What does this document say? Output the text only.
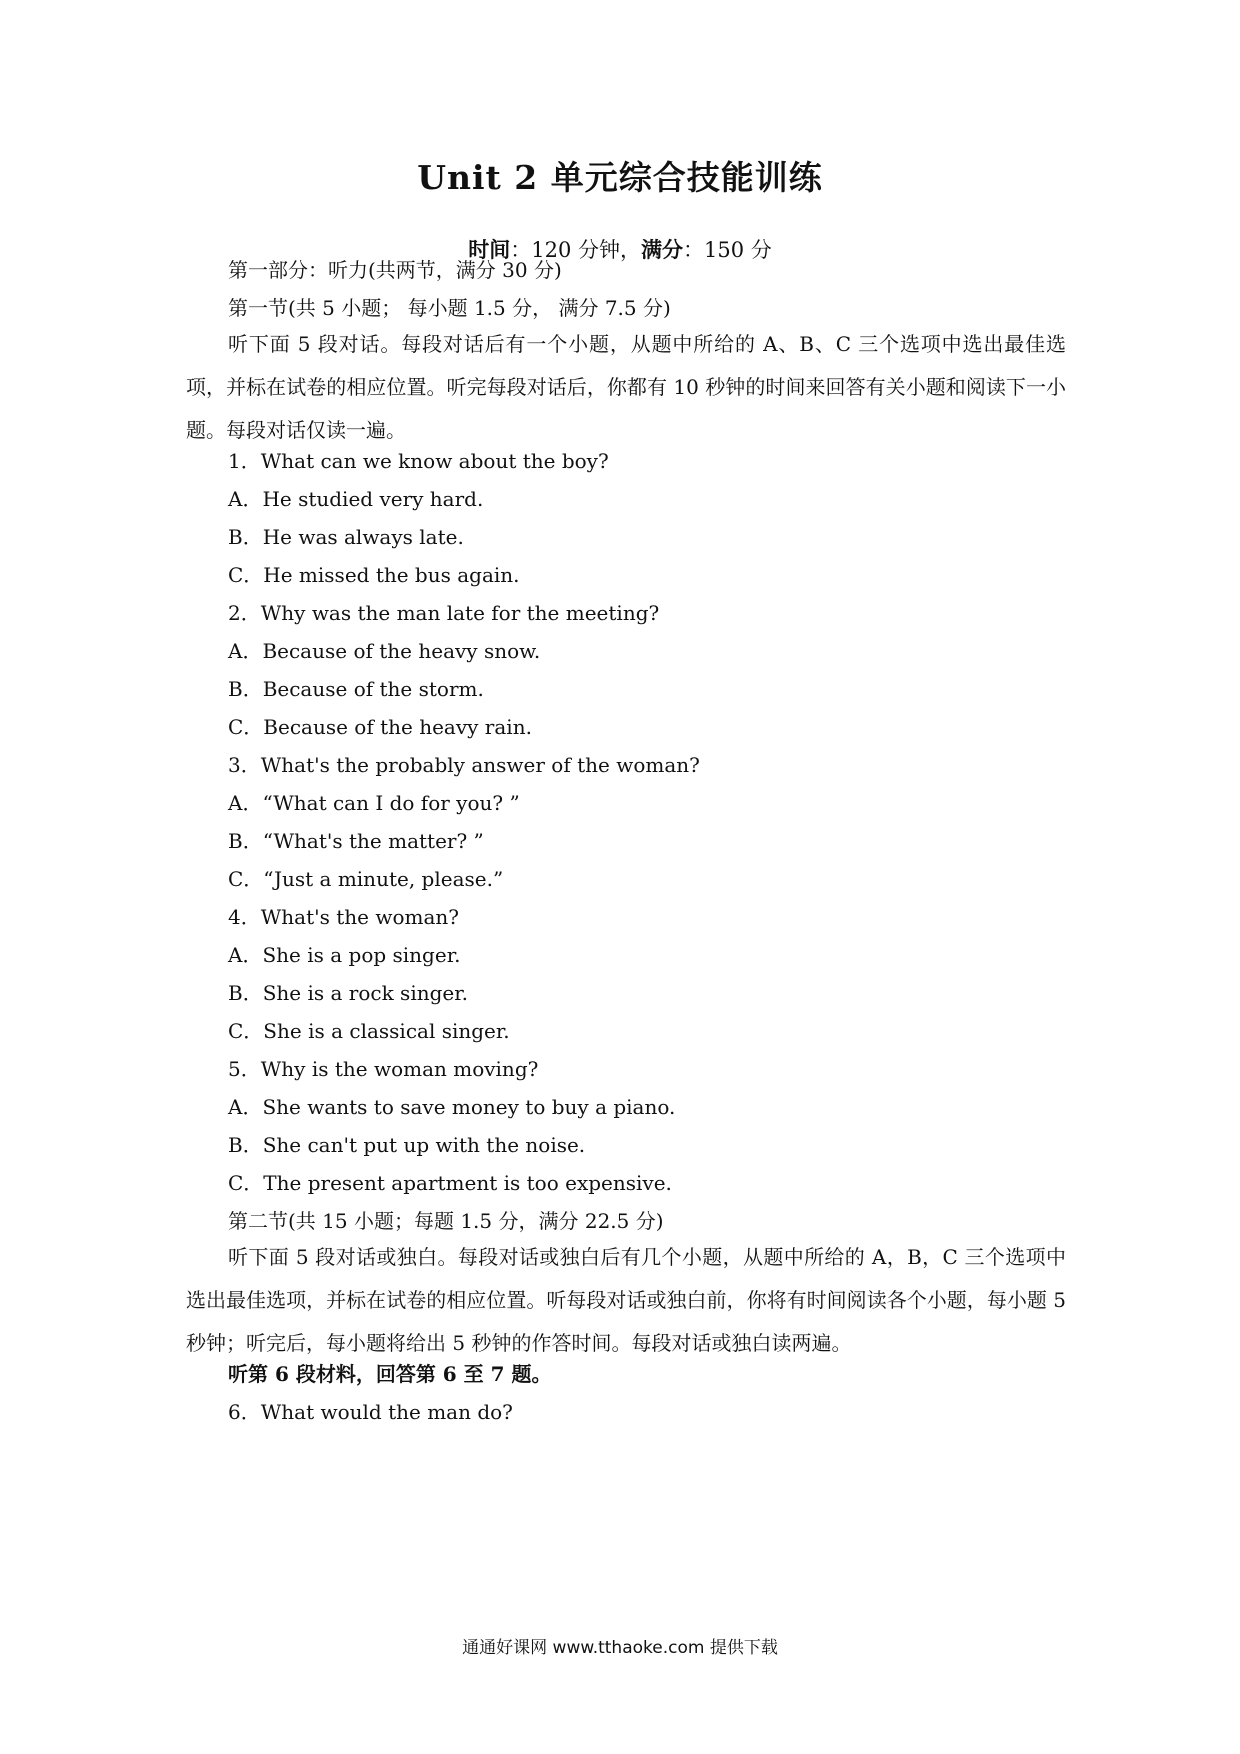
Unit 2 单元综合技能训练
时间：120 分钟，满分：150 分
第一部分：听力(共两节，满分 30 分)
第一节(共 5 小题； 每小题 1.5 分， 满分 7.5 分)
听下面 5 段对话。每段对话后有一个小题，从题中所给的 A、B、C 三个选项中选出最佳选项，并标在试卷的相应位置。听完每段对话后，你都有 10 秒钟的时间来回答有关小题和阅读下一小题。每段对话仅读一遍。
1．What can we know about the boy?
A．He studied very hard.
B．He was always late.
C．He missed the bus again.
2．Why was the man late for the meeting?
A．Because of the heavy snow.
B．Because of the storm.
C．Because of the heavy rain.
3．What's the probably answer of the woman?
A．“What can I do for you? ”
B．“What's the matter? ”
C．“Just a minute, please.”
4．What's the woman?
A．She is a pop singer.
B．She is a rock singer.
C．She is a classical singer.
5．Why is the woman moving?
A．She wants to save money to buy a piano.
B．She can't put up with the noise.
C．The present apartment is too expensive.
第二节(共 15 小题；每题 1.5 分，满分 22.5 分)
听下面 5 段对话或独白。每段对话或独白后有几个小题，从题中所给的 A，B，C 三个选项中选出最佳选项，并标在试卷的相应位置。听每段对话或独白前，你将有时间阅读各个小题，每小题 5 秒钟；听完后，每小题将给出 5 秒钟的作答时间。每段对话或独白读两遍。
听第 6 段材料，回答第 6 至 7 题。
6．What would the man do?
通通好课网 www.tthaoke.com 提供下载
